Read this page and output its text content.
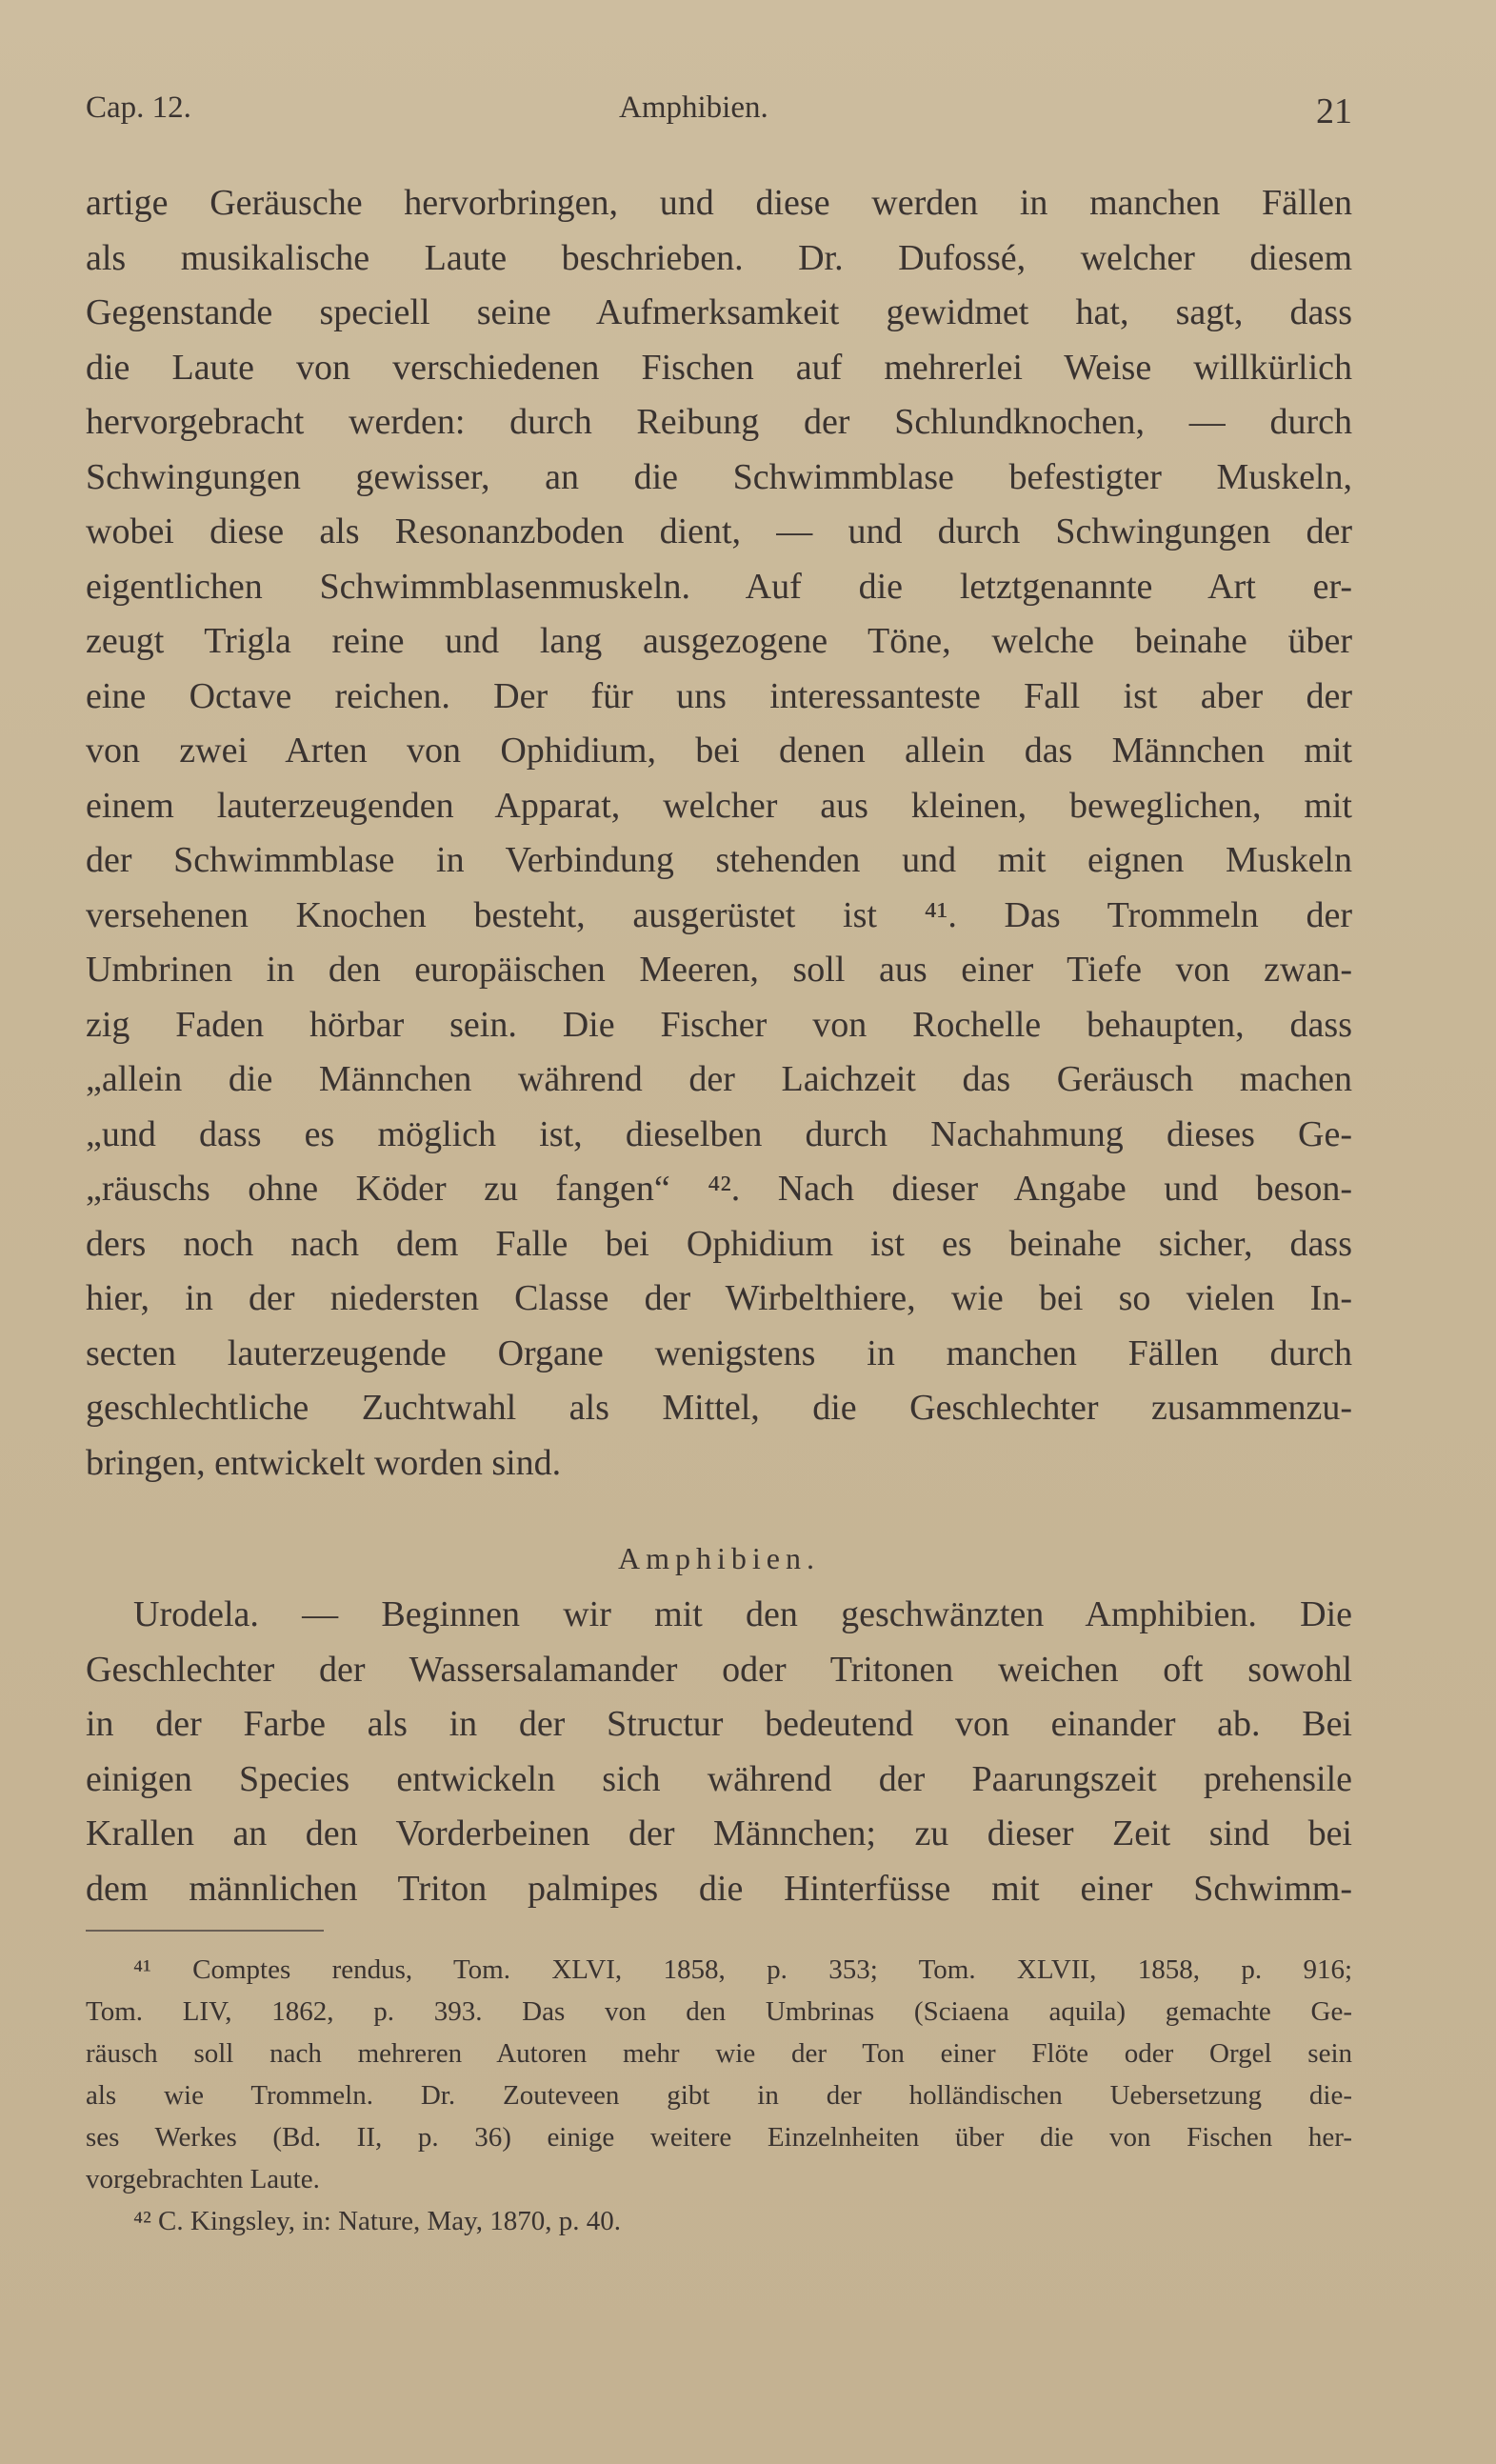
Cap. 12.	Amphibien.	21
artige Geräusche hervorbringen, und diese werden in manchen Fällen
als musikalische Laute beschrieben. Dr. Dufossé, welcher diesem
Gegenstande speciell seine Aufmerksamkeit gewidmet hat, sagt, dass
die Laute von verschiedenen Fischen auf mehrerlei Weise willkürlich
hervorgebracht werden: durch Reibung der Schlundknochen, — durch
Schwingungen gewisser, an die Schwimmblase befestigter Muskeln,
wobei diese als Resonanzboden dient, — und durch Schwingungen der
eigentlichen Schwimmblasenmuskeln. Auf die letztgenannte Art er-
zeugt Trigla reine und lang ausgezogene Töne, welche beinahe über
eine Octave reichen. Der für uns interessanteste Fall ist aber der
von zwei Arten von Ophidium, bei denen allein das Männchen mit
einem lauterzeugenden Apparat, welcher aus kleinen, beweglichen, mit
der Schwimmblase in Verbindung stehenden und mit eignen Muskeln
versehenen Knochen besteht, ausgerüstet ist ⁴¹. Das Trommeln der
Umbrinen in den europäischen Meeren, soll aus einer Tiefe von zwan-
zig Faden hörbar sein. Die Fischer von Rochelle behaupten, dass
„allein die Männchen während der Laichzeit das Geräusch machen
„und dass es möglich ist, dieselben durch Nachahmung dieses Ge-
„räuschs ohne Köder zu fangen“ ⁴². Nach dieser Angabe und beson-
ders noch nach dem Falle bei Ophidium ist es beinahe sicher, dass
hier, in der niedersten Classe der Wirbelthiere, wie bei so vielen In-
secten lauterzeugende Organe wenigstens in manchen Fällen durch
geschlechtliche Zuchtwahl als Mittel, die Geschlechter zusammenzu-
bringen, entwickelt worden sind.
Amphibien.
Urodela. — Beginnen wir mit den geschwänzten Amphibien. Die
Geschlechter der Wassersalamander oder Tritonen weichen oft sowohl
in der Farbe als in der Structur bedeutend von einander ab. Bei
einigen Species entwickeln sich während der Paarungszeit prehensile
Krallen an den Vorderbeinen der Männchen; zu dieser Zeit sind bei
dem männlichen Triton palmipes die Hinterfüsse mit einer Schwimm-
⁴¹ Comptes rendus, Tom. XLVI, 1858, p. 353; Tom. XLVII, 1858, p. 916;
Tom. LIV, 1862, p. 393. Das von den Umbrinas (Sciaena aquila) gemachte Ge-
räusch soll nach mehreren Autoren mehr wie der Ton einer Flöte oder Orgel sein
als wie Trommeln. Dr. Zouteveen gibt in der holländischen Uebersetzung die-
ses Werkes (Bd. II, p. 36) einige weitere Einzelnheiten über die von Fischen her-
vorgebrachten Laute.
⁴² C. Kingsley, in: Nature, May, 1870, p. 40.
